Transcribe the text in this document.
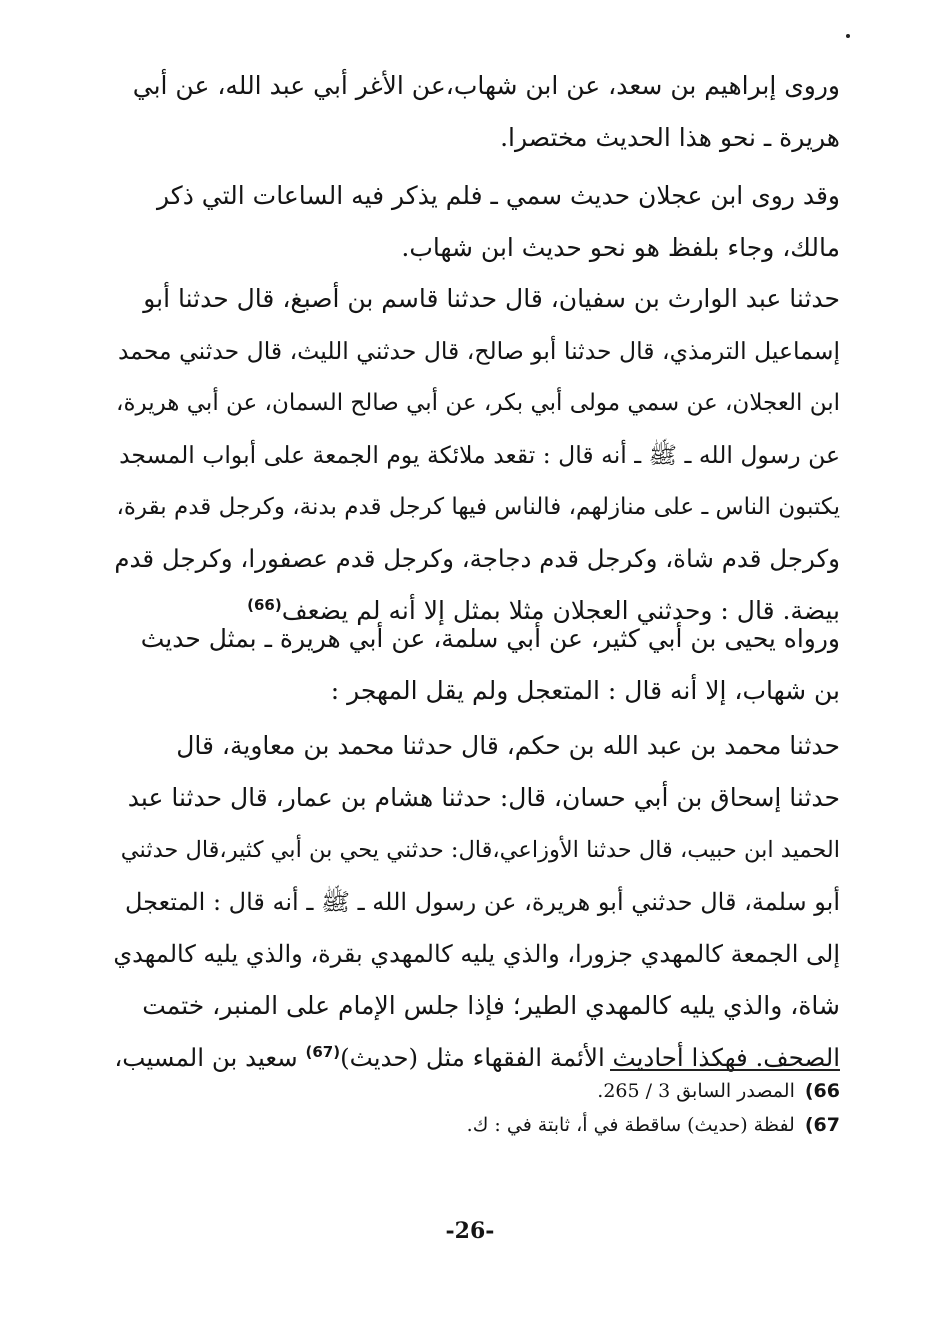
وروى إبراهيم بن سعد، عن ابن شهاب،عن الأغر أبي عبد الله، عن أبي
هريرة ـ نحو هذا الحديث مختصرا.
وقد روى ابن عجلان حديث سمي ـ فلم يذكر فيه الساعات التي ذكر
مالك، وجاء بلفظ هو نحو حديث ابن شهاب.
حدثنا عبد الوارث بن سفيان، قال حدثنا قاسم بن أصبغ، قال حدثنا أبو
إسماعيل الترمذي، قال حدثنا أبو صالح، قال حدثني الليث، قال حدثني محمد
ابن العجلان، عن سمي مولى أبي بكر، عن أبي صالح السمان، عن أبي هريرة،
عن رسول الله ـ ﷺ ـ أنه قال : تقعد ملائكة يوم الجمعة على أبواب المسجد
يكتبون الناس ـ على منازلهم، فالناس فيها كرجل قدم بدنة، وكرجل قدم بقرة،
وكرجل قدم شاة، وكرجل قدم دجاجة، وكرجل قدم عصفورا، وكرجل قدم
بيضة. قال : وحدثني العجلان مثلا بمثل إلا أنه لم يضعف$^{(66)}$
ورواه يحيى بن أبي كثير، عن أبي سلمة، عن أبي هريرة ـ بمثل حديث
بن شهاب، إلا أنه قال : المتعجل ولم يقل المهجر :
حدثنا محمد بن عبد الله بن حكم، قال حدثنا محمد بن معاوية، قال
حدثنا إسحاق بن أبي حسان، قال: حدثنا هشام بن عمار، قال حدثنا عبد
الحميد ابن حبيب، قال حدثنا الأوزاعي،قال: حدثني يحي بن أبي كثير،قال حدثني
أبو سلمة، قال حدثني أبو هريرة، عن رسول الله ـ ﷺ ـ أنه قال : المتعجل
إلى الجمعة كالمهدي جزورا، والذي يليه كالمهدي بقرة، والذي يليه كالمهدي
شاة، والذي يليه كالمهدي الطير؛ فإذا جلس الإمام على المنبر، ختمت
الصحف. فهكذا أحاديث الأئمة الفقهاء مثل (حديث)$^{(67)}$ سعيد بن المسيب،
66)المصدر السابق 3 / 265.
67)لفظة (حديث) ساقطة في أ، ثابتة في : ك.
-26-
